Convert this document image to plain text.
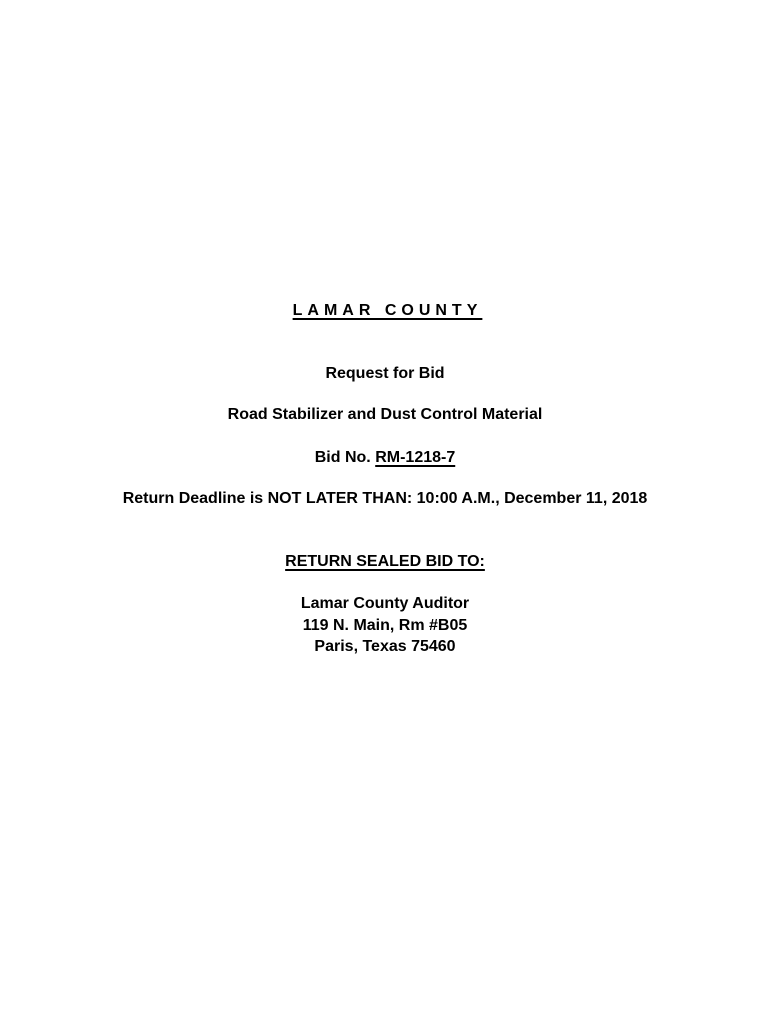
LAMAR COUNTY
Request for Bid
Road Stabilizer and Dust Control Material
Bid No. RM-1218-7
Return Deadline is NOT LATER THAN: 10:00 A.M., December 11, 2018
RETURN SEALED BID TO:
Lamar County Auditor
119 N. Main, Rm #B05
Paris, Texas 75460
